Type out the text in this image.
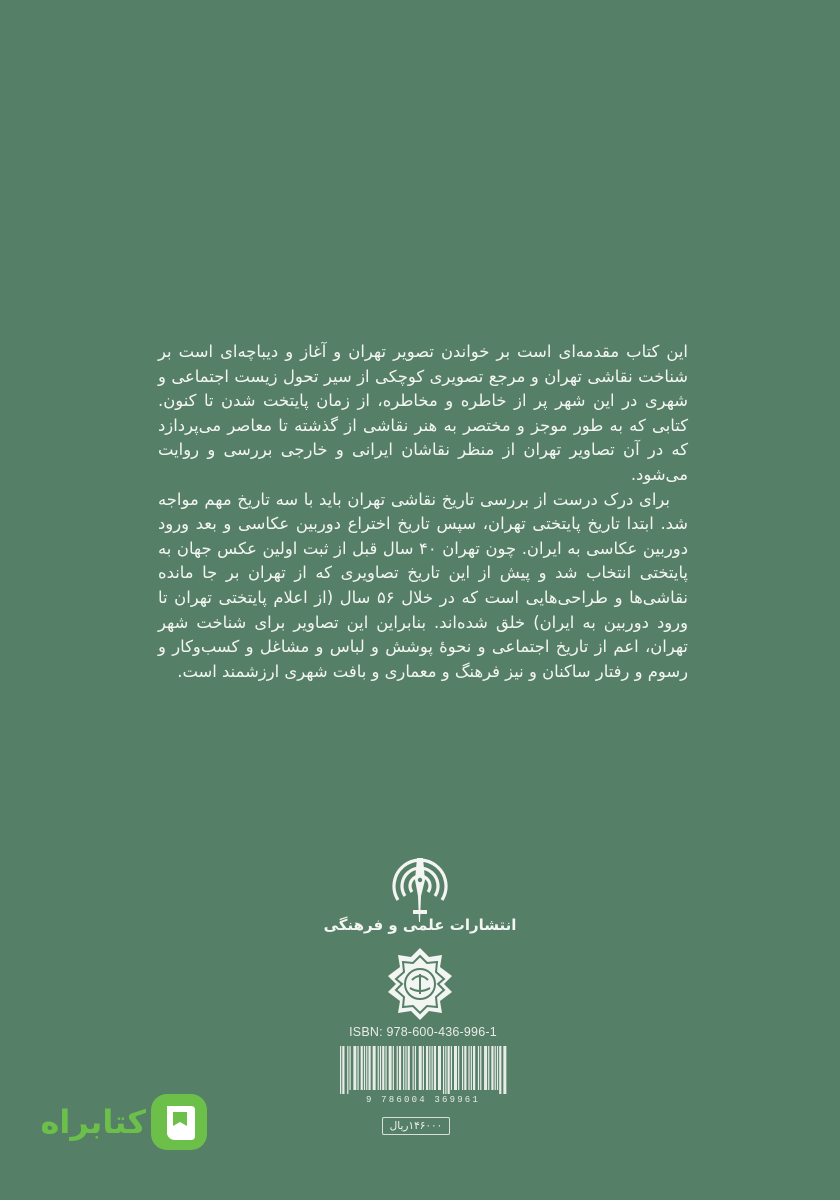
این کتاب مقدمه‌ای است بر خواندن تصویر تهران و آغاز و دیباچه‌ای است بر شناخت نقاشی تهران و مرجع تصویری کوچکی از سیر تحول زیست اجتماعی و شهری در این شهر پر از خاطره و مخاطره، از زمان پایتخت شدن تا کنون. کتابی که به طور موجز و مختصر به هنر نقاشی از گذشته تا معاصر می‌پردازد که در آن تصاویر تهران از منظر نقاشان ایرانی و خارجی بررسی و روایت می‌شود.

برای درک درست از بررسی تاریخ نقاشی تهران باید با سه تاریخ مهم مواجه شد. ابتدا تاریخ پایتختی تهران، سپس تاریخ اختراع دوربین عکاسی و بعد ورود دوربین عکاسی به ایران. چون تهران ۴۰ سال قبل از ثبت اولین عکس جهان به پایتختی انتخاب شد و پیش از این تاریخ تصاویری که از تهران بر جا مانده نقاشی‌ها و طراحی‌هایی است که در خلال ۵۶ سال (از اعلام پایتختی تهران تا ورود دوربین به ایران) خلق شده‌اند. بنابراین این تصاویر برای شناخت شهر تهران، اعم از تاریخ اجتماعی و نحوهٔ پوشش و لباس و مشاغل و کسب‌وکار و رسوم و رفتار ساکنان و نیز فرهنگ و معماری و بافت شهری ارزشمند است.

انتشارات علمی و فرهنگی
ISBN: 978-600-436-996-1
9 786004 369961
۱۴۶۰۰۰ریال
کتابراه
